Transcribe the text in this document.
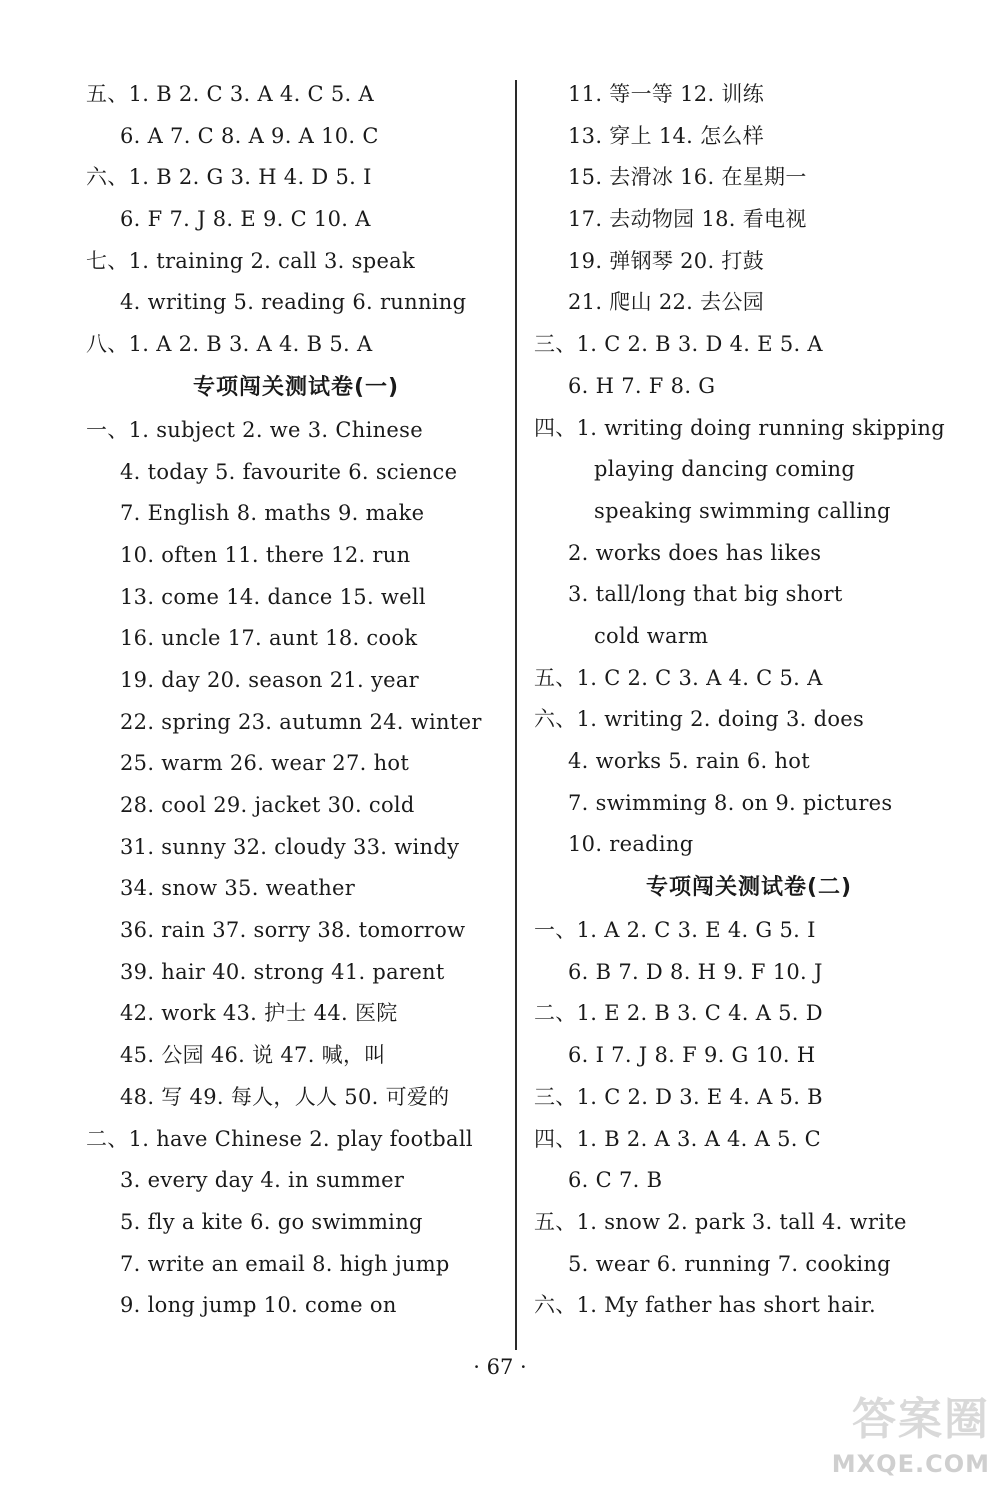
五、1. B 2. C 3. A 4. C 5. A
6. A 7. C 8. A 9. A 10. C
六、1. B 2. G 3. H 4. D 5. I
6. F 7. J 8. E 9. C 10. A
七、1. training 2. call 3. speak
4. writing 5. reading 6. running
八、1. A 2. B 3. A 4. B 5. A
专项闯关测试卷(一)
一、1. subject 2. we 3. Chinese
4. today 5. favourite 6. science
7. English 8. maths 9. make
10. often 11. there 12. run
13. come 14. dance 15. well
16. uncle 17. aunt 18. cook
19. day 20. season 21. year
22. spring 23. autumn 24. winter
25. warm 26. wear 27. hot
28. cool 29. jacket 30. cold
31. sunny 32. cloudy 33. windy
34. snow 35. weather
36. rain 37. sorry 38. tomorrow
39. hair 40. strong 41. parent
42. work 43. 护士 44. 医院
45. 公园 46. 说 47. 喊，叫
48. 写 49. 每人，人人 50. 可爱的
二、1. have Chinese 2. play football
3. every day 4. in summer
5. fly a kite 6. go swimming
7. write an email 8. high jump
9. long jump 10. come on
11. 等一等 12. 训练
13. 穿上 14. 怎么样
15. 去滑冰 16. 在星期一
17. 去动物园 18. 看电视
19. 弹钢琴 20. 打鼓
21. 爬山 22. 去公园
三、1. C 2. B 3. D 4. E 5. A
6. H 7. F 8. G
四、1. writing doing running skipping
playing dancing coming
speaking swimming calling
2. works does has likes
3. tall/long that big short
cold warm
五、1. C 2. C 3. A 4. C 5. A
六、1. writing 2. doing 3. does
4. works 5. rain 6. hot
7. swimming 8. on 9. pictures
10. reading
专项闯关测试卷(二)
一、1. A 2. C 3. E 4. G 5. I
6. B 7. D 8. H 9. F 10. J
二、1. E 2. B 3. C 4. A 5. D
6. I 7. J 8. F 9. G 10. H
三、1. C 2. D 3. E 4. A 5. B
四、1. B 2. A 3. A 4. A 5. C
6. C 7. B
五、1. snow 2. park 3. tall 4. write
5. wear 6. running 7. cooking
六、1. My father has short hair.
· 67 ·
答案圈
MXQE.COM
